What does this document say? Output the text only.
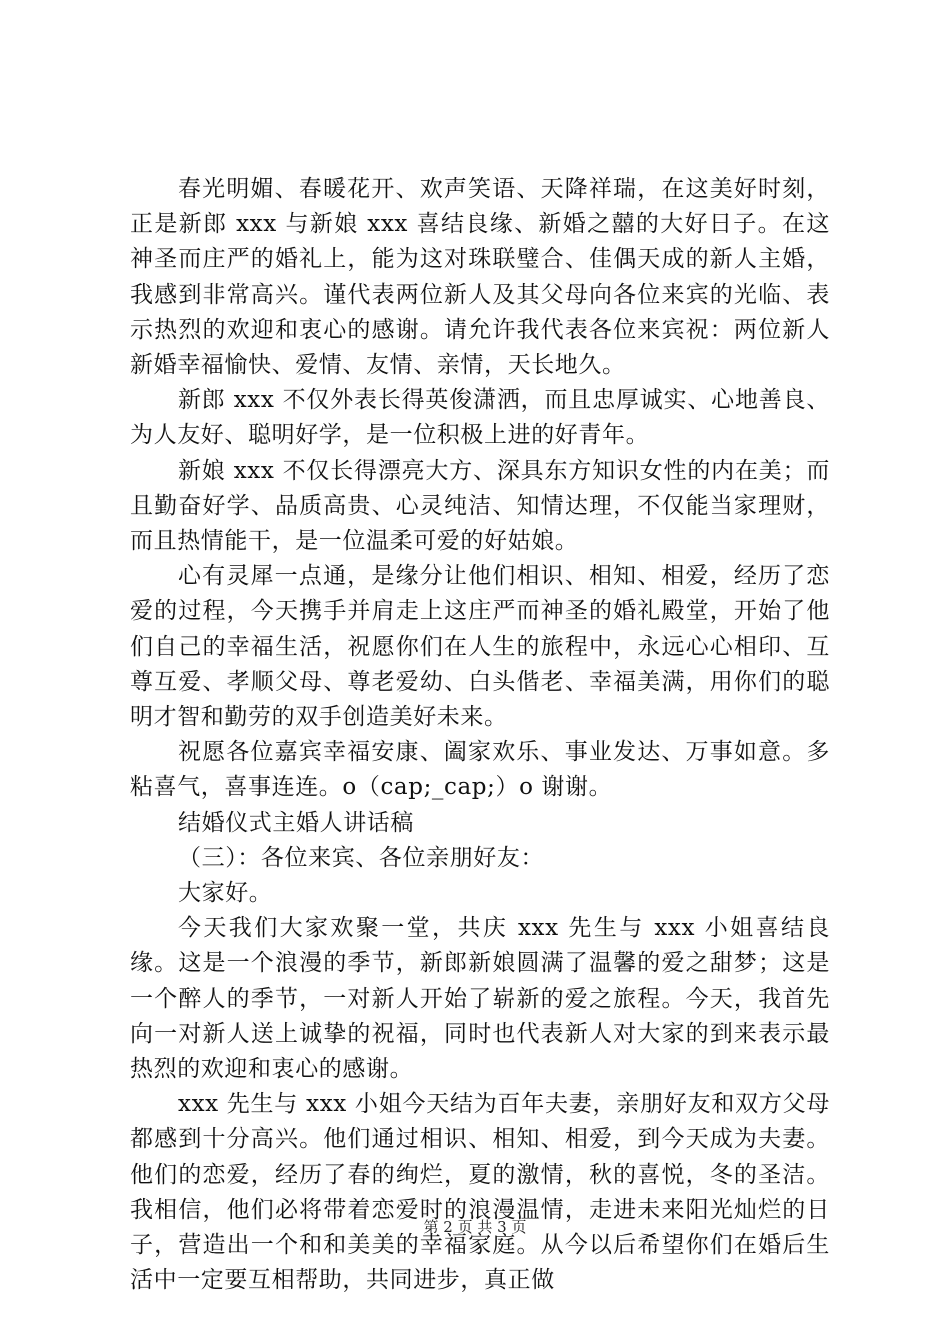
春光明媚、春暖花开、欢声笑语、天降祥瑞，在这美好时刻，正是新郎 xxx 与新娘 xxx 喜结良缘、新婚之囍的大好日子。在这神圣而庄严的婚礼上，能为这对珠联璧合、佳偶天成的新人主婚，我感到非常高兴。谨代表两位新人及其父母向各位来宾的光临、表示热烈的欢迎和衷心的感谢。请允许我代表各位来宾祝：两位新人新婚幸福愉快、爱情、友情、亲情，天长地久。

新郎 xxx 不仅外表长得英俊潇洒，而且忠厚诚实、心地善良、为人友好、聪明好学，是一位积极上进的好青年。

新娘 xxx 不仅长得漂亮大方、深具东方知识女性的内在美；而且勤奋好学、品质高贵、心灵纯洁、知情达理，不仅能当家理财，而且热情能干，是一位温柔可爱的好姑娘。

心有灵犀一点通，是缘分让他们相识、相知、相爱，经历了恋爱的过程，今天携手并肩走上这庄严而神圣的婚礼殿堂，开始了他们自己的幸福生活，祝愿你们在人生的旅程中，永远心心相印、互尊互爱、孝顺父母、尊老爱幼、白头偕老、幸福美满，用你们的聪明才智和勤劳的双手创造美好未来。

祝愿各位嘉宾幸福安康、阖家欢乐、事业发达、万事如意。多粘喜气，喜事连连。o（cap;_cap;）o 谢谢。

结婚仪式主婚人讲话稿

（三）：各位来宾、各位亲朋好友：

大家好。

今天我们大家欢聚一堂，共庆 xxx 先生与 xxx 小姐喜结良缘。这是一个浪漫的季节，新郎新娘圆满了温馨的爱之甜梦；这是一个醉人的季节，一对新人开始了崭新的爱之旅程。今天，我首先向一对新人送上诚挚的祝福，同时也代表新人对大家的到来表示最热烈的欢迎和衷心的感谢。

xxx 先生与 xxx 小姐今天结为百年夫妻，亲朋好友和双方父母都感到十分高兴。他们通过相识、相知、相爱，到今天成为夫妻。他们的恋爱，经历了春的绚烂，夏的激情，秋的喜悦，冬的圣洁。我相信，他们必将带着恋爱时的浪漫温情，走进未来阳光灿烂的日子，营造出一个和和美美的幸福家庭。从今以后希望你们在婚后生活中一定要互相帮助，共同进步，真正做

第 2 页 共 3 页
